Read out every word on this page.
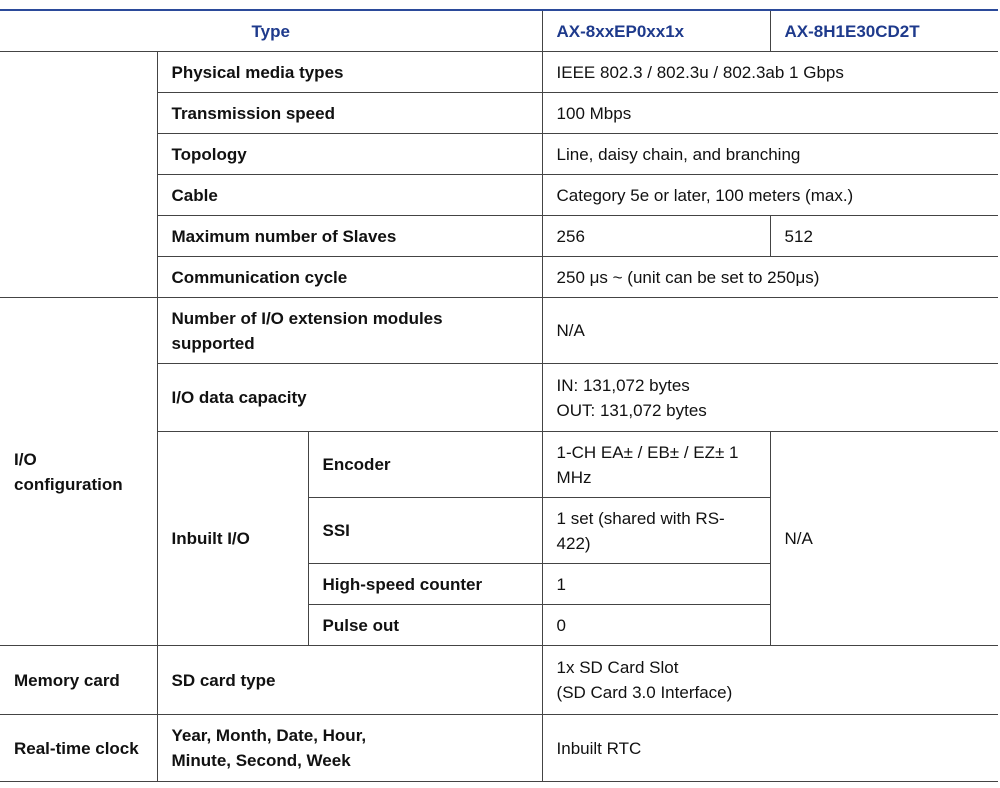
Type			AX-8xxEP0xx1x	AX-8H1E30CD2T
	Physical media types		IEEE 802.3 / 802.3u / 802.3ab 1 Gbps	
	Transmission speed		100 Mbps	
	Topology		Line, daisy chain, and branching	
	Cable		Category 5e or later, 100 meters (max.)	
	Maximum number of Slaves		256	512
	Communication cycle		250 μs ~ (unit can be set to 250μs)	
I/O configuration	Number of I/O extension modules supported		N/A	
	I/O data capacity		IN: 131,072 bytes
OUT: 131,072 bytes	

	Inbuilt I/O	Encoder	1-CH EA± / EB± / EZ± 1 MHz	N/A
		SSI	1 set (shared with RS-422)	
		High-speed counter	1	
		Pulse out	0	
Memory card	SD card type		1x SD Card Slot
(SD Card 3.0 Interface)	

Real-time clock	Year, Month, Date, Hour,
Minute, Second, Week		Inbuilt RTC	
